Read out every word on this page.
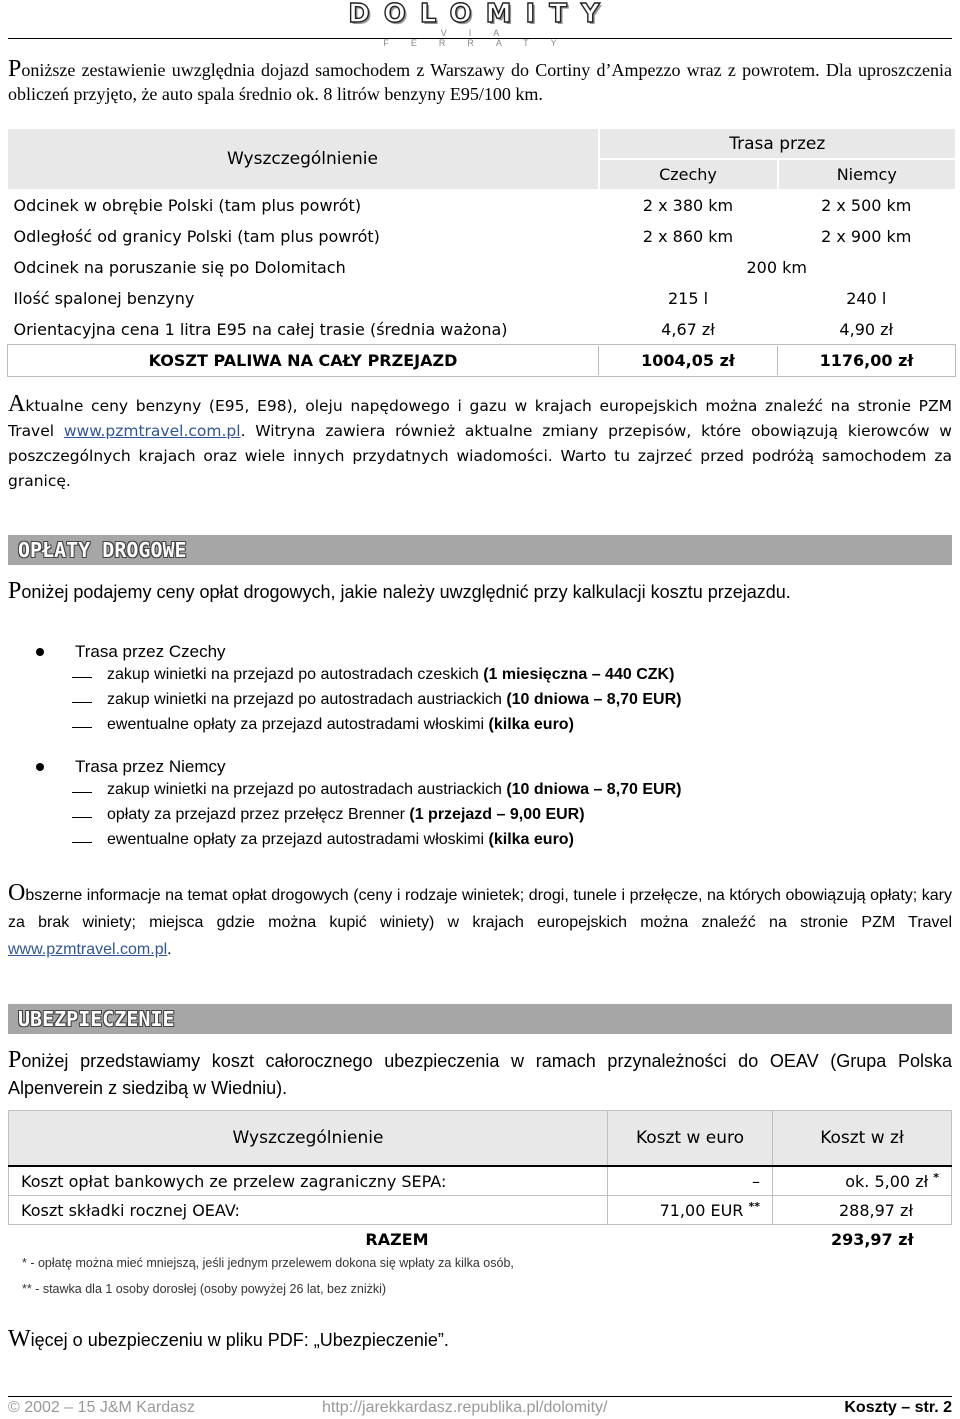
DOLOMITY
VIA FERRATY
Poniższe zestawienie uwzględnia dojazd samochodem z Warszawy do Cortiny d’Ampezzo wraz z powrotem. Dla uproszczenia obliczeń przyjęto, że auto spala średnio ok. 8 litrów benzyny E95/100 km.
Wyszczególnienie	Trasa przez	
	Czechy	Niemcy
Odcinek w obrębie Polski (tam plus powrót)	2 x 380 km	2 x 500 km
Odległość od granicy Polski (tam plus powrót)	2 x 860 km	2 x 900 km
Odcinek na poruszanie się po Dolomitach	200 km	
Ilość spalonej benzyny	215 l	240 l
Orientacyjna cena 1 litra E95 na całej trasie (średnia ważona)	4,67 zł	4,90 zł
KOSZT PALIWA NA CAŁY PRZEJAZD	1004,05 zł	1176,00 zł
Aktualne ceny benzyny (E95, E98), oleju napędowego i gazu w krajach europejskich można znaleźć na stronie PZM Travel www.pzmtravel.com.pl. Witryna zawiera również aktualne zmiany przepisów, które obowiązują kierowców w poszczególnych krajach oraz wiele innych przydatnych wiadomości. Warto tu zajrzeć przed podróżą samochodem za granicę.
OPŁATY DROGOWE
Poniżej podajemy ceny opłat drogowych, jakie należy uwzględnić przy kalkulacji kosztu przejazdu.
Trasa przez Czechy
zakup winietki na przejazd po autostradach czeskich (1 miesięczna – 440 CZK)
zakup winietki na przejazd po autostradach austriackich (10 dniowa – 8,70 EUR)
ewentualne opłaty za przejazd autostradami włoskimi (kilka euro)
Trasa przez Niemcy
zakup winietki na przejazd po autostradach austriackich (10 dniowa – 8,70 EUR)
opłaty za przejazd przez przełęcz Brenner (1 przejazd – 9,00 EUR)
ewentualne opłaty za przejazd autostradami włoskimi (kilka euro)
Obszerne informacje na temat opłat drogowych (ceny i rodzaje winietek; drogi, tunele i przełęcze, na których obowiązują opłaty; kary za brak winiety; miejsca gdzie można kupić winiety) w krajach europejskich można znaleźć na stronie PZM Travel www.pzmtravel.com.pl.
UBEZPIECZENIE
Poniżej przedstawiamy koszt całorocznego ubezpieczenia w ramach przynależności do OEAV (Grupa Polska Alpenverein z siedzibą w Wiedniu).
Wyszczególnienie	Koszt w euro	Koszt w zł
Koszt opłat bankowych ze przelew zagraniczny SEPA:	–	ok. 5,00 zł *
Koszt składki rocznej OEAV:	71,00 EUR **	288,97 zł
RAZEM		293,97 zł
* - opłatę można mieć mniejszą, jeśli jednym przelewem dokona się wpłaty za kilka osób,
** - stawka dla 1 osoby dorosłej (osoby powyżej 26 lat, bez zniżki)
Więcej o ubezpieczeniu w pliku PDF: „Ubezpieczenie”.
© 2002 – 15 J&M Kardasz	http://jarekkardasz.republika.pl/dolomity/	Koszty – str. 2
